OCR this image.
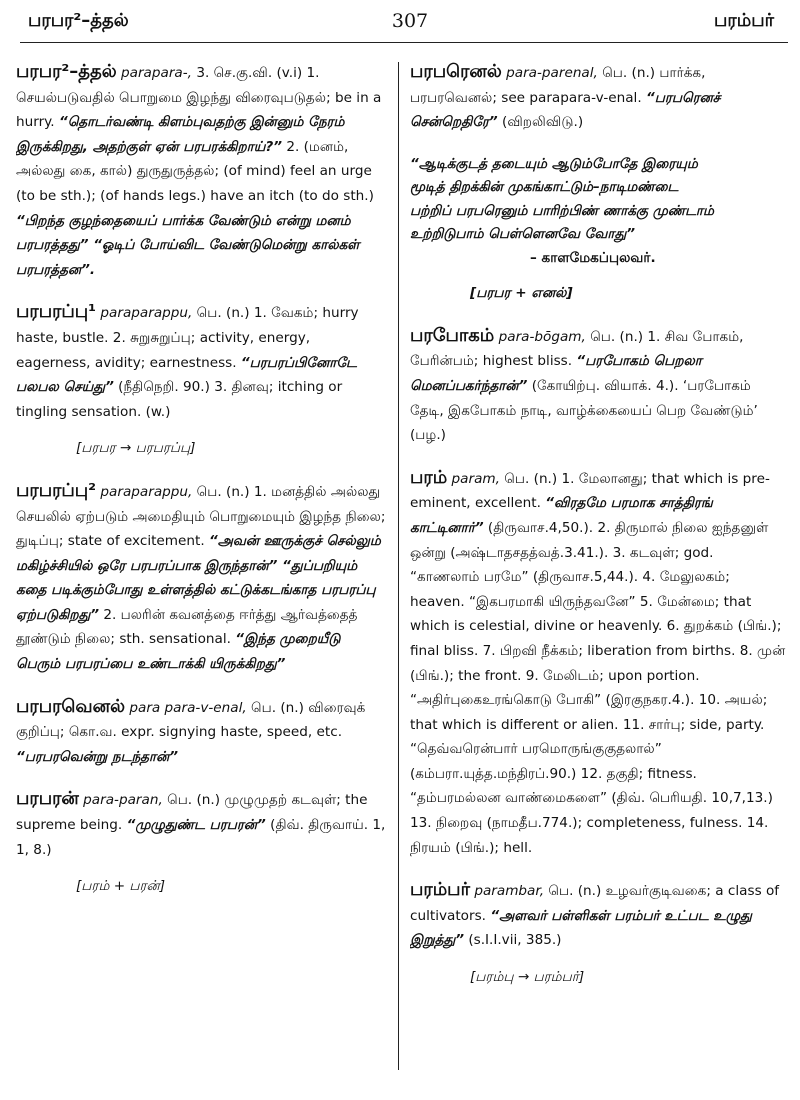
பரபர²–த்தல்	307	பரம்பர்
பரபர²–த்தல் parapara-, 3. செ.கு.வி. (v.i) 1. செயல்படுவதில் பொறுமை இழந்து விரைவுபடுதல்; be in a hurry. “தொடர்வண்டி கிளம்புவதற்கு இன்னும் நேரம் இருக்கிறது, அதற்குள் ஏன் பரபரக்கிறாய்?” 2. (மனம், அல்லது கை, கால்) துருதுருத்தல்; (of mind) feel an urge (to be sth.); (of hands legs.) have an itch (to do sth.) “பிறந்த குழந்தையைப் பார்க்க வேண்டும் என்று மனம் பரபரத்தது” “ஓடிப் போய்விட வேண்டுமென்று கால்கள் பரபரத்தன”.
பரபரப்பு¹ paraparappu, பெ. (n.) 1. வேகம்; hurry haste, bustle. 2. சுறுசுறுப்பு; activity, energy, eagerness, avidity; earnestness. “பரபரப்பினோடே பலபல செய்து” (நீதிநெறி. 90.) 3. தினவு; itching or tingling sensation. (w.)
[பரபர → பரபரப்பு]
பரபரப்பு² paraparappu, பெ. (n.) 1. மனத்தில் அல்லது செயலில் ஏற்படும் அமைதியும் பொறுமையும் இழந்த நிலை; துடிப்பு; state of excitement. “அவன் ஊருக்குச் செல்லும் மகிழ்ச்சியில் ஒரே பரபரப்பாக இருந்தான்” “துப்பறியும் கதை படிக்கும்போது உள்ளத்தில் கட்டுக்கடங்காத பரபரப்பு ஏற்படுகிறது” 2. பலரின் கவனத்தை ஈர்த்து ஆர்வத்தைத் தூண்டும் நிலை; sth. sensational. “இந்த முறையீடு பெரும் பரபரப்பை உண்டாக்கி யிருக்கிறது”
பரபரவெனல் para para-v-enal, பெ. (n.) விரைவுக் குறிப்பு; கொ.வ. expr. signying haste, speed, etc. “பரபரவென்று நடந்தான்”
பரபரன் para-paran, பெ. (n.) முழுமுதற் கடவுள்; the supreme being. “முழுதுண்ட பரபரன்” (திவ். திருவாய். 1, 1, 8.)
[பரம் + பரன்]
பரபரெனல் para-parenal, பெ. (n.) பார்க்க, பரபரவெனல்; see parapara-v-enal. “பரபரெனச் சென்றெதிரே” (விறலிவிடு.)
“ஆடிக்குடத் தடையும் ஆடும்போதே இரையும்
மூடித் திறக்கின் முகங்காட்டும்–நாடிமண்டை
பற்றிப் பரபரெனும் பாரிற்பிண் ணாக்கு முண்டாம்
உற்றிடுபாம் பெள்ளெனவே வோது”
– காளமேகப்புலவர்.
[பரபர + எனல்]
பரபோகம் para-bōgam, பெ. (n.) 1. சிவ போகம், பேரின்பம்; highest bliss. “பரபோகம் பெறலா மெனப்பகர்ந்தான்” (கோயிற்பு. வியாக். 4.). ‘பரபோகம் தேடி, இகபோகம் நாடி, வாழ்க்கையைப் பெற வேண்டும்’ (பழ.)
பரம் param, பெ. (n.) 1. மேலானது; that which is pre-eminent, excellent. “விரதமே பரமாக சாத்திரங் காட்டினார்” (திருவாச.4,50.). 2. திருமால் நிலை ஐந்தனுள் ஒன்று (அஷ்டாதசதத்வத்.3.41.). 3. கடவுள்; god. “காணலாம் பரமே” (திருவாச.5,44.). 4. மேலுலகம்; heaven. “இகபரமாகி யிருந்தவனே” 5. மேன்மை; that which is celestial, divine or heavenly. 6. துறக்கம் (பிங்.); final bliss. 7. பிறவி நீக்கம்; liberation from births. 8. முன் (பிங்.); the front. 9. மேலிடம்; upon portion. “அதிர்புகைஉரங்கொடு போகி” (இரகுநகர.4.). 10. அயல்; that which is different or alien. 11. சார்பு; side, party. “தெவ்வரென்பார் பரமொருங்குகுதலால்” (கம்பரா.யுத்த.மந்திரப்.90.) 12. தகுதி; fitness. “தம்பரமல்லன வாண்மைகளை” (திவ். பெரியதி. 10,7,13.) 13. நிறைவு (நாமதீப.774.); completeness, fulness. 14. நிரயம் (பிங்.); hell.
பரம்பர் parambar, பெ. (n.) உழவர்குடிவகை; a class of cultivators. “அளவர் பள்ளிகள் பரம்பர் உட்பட உழுது இறுத்து” (s.I.I.vii, 385.)
[பரம்பு → பரம்பர்]
